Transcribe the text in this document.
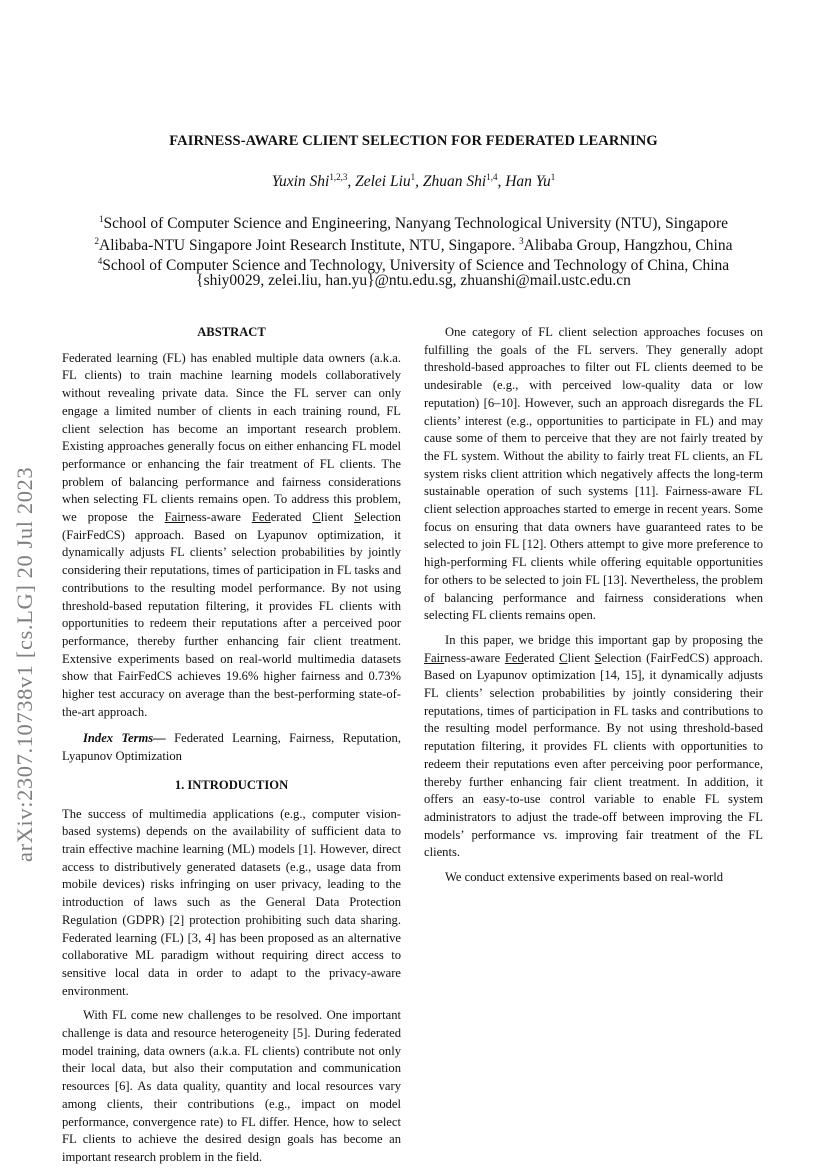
FAIRNESS-AWARE CLIENT SELECTION FOR FEDERATED LEARNING
Yuxin Shi$^{1,2,3}$, Zelei Liu$^1$, Zhuan Shi$^{1,4}$, Han Yu$^1$
$^1$School of Computer Science and Engineering, Nanyang Technological University (NTU), Singapore
$^2$Alibaba-NTU Singapore Joint Research Institute, NTU, Singapore. $^3$Alibaba Group, Hangzhou, China
$^4$School of Computer Science and Technology, University of Science and Technology of China, China
{shiy0029, zelei.liu, han.yu}@ntu.edu.sg, zhuanshi@mail.ustc.edu.cn
arXiv:2307.10738v1 [cs.LG] 20 Jul 2023
ABSTRACT

Federated learning (FL) has enabled multiple data owners (a.k.a. FL clients) to train machine learning models collaboratively without revealing private data. Since the FL server can only engage a limited number of clients in each training round, FL client selection has become an important research problem. Existing approaches generally focus on either enhancing FL model performance or enhancing the fair treatment of FL clients. The problem of balancing performance and fairness considerations when selecting FL clients remains open. To address this problem, we propose the Fairness-aware Federated Client Selection (FairFedCS) approach. Based on Lyapunov optimization, it dynamically adjusts FL clients’ selection probabilities by jointly considering their reputations, times of participation in FL tasks and contributions to the resulting model performance. By not using threshold-based reputation filtering, it provides FL clients with opportunities to redeem their reputations after a perceived poor performance, thereby further enhancing fair client treatment. Extensive experiments based on real-world multimedia datasets show that FairFedCS achieves 19.6% higher fairness and 0.73% higher test accuracy on average than the best-performing state-of-the-art approach.

Index Terms— Federated Learning, Fairness, Reputation, Lyapunov Optimization

1. INTRODUCTION

The success of multimedia applications (e.g., computer vision-based systems) depends on the availability of sufficient data to train effective machine learning (ML) models [1]. However, direct access to distributively generated datasets (e.g., usage data from mobile devices) risks infringing on user privacy, leading to the introduction of laws such as the General Data Protection Regulation (GDPR) [2] protection prohibiting such data sharing. Federated learning (FL) [3, 4] has been proposed as an alternative collaborative ML paradigm without requiring direct access to sensitive local data in order to adapt to the privacy-aware environment.

With FL come new challenges to be resolved. One important challenge is data and resource heterogeneity [5]. During federated model training, data owners (a.k.a. FL clients) contribute not only their local data, but also their computation and communication resources [6]. As data quality, quantity and local resources vary among clients, their contributions (e.g., impact on model performance, convergence rate) to FL differ. Hence, how to select FL clients to achieve the desired design goals has become an important research problem in the field.

One category of FL client selection approaches focuses on fulfilling the goals of the FL servers. They generally adopt threshold-based approaches to filter out FL clients deemed to be undesirable (e.g., with perceived low-quality data or low reputation) [6–10]. However, such an approach disregards the FL clients’ interest (e.g., opportunities to participate in FL) and may cause some of them to perceive that they are not fairly treated by the FL system. Without the ability to fairly treat FL clients, an FL system risks client attrition which negatively affects the long-term sustainable operation of such systems [11]. Fairness-aware FL client selection approaches started to emerge in recent years. Some focus on ensuring that data owners have guaranteed rates to be selected to join FL [12]. Others attempt to give more preference to high-performing FL clients while offering equitable opportunities for others to be selected to join FL [13]. Nevertheless, the problem of balancing performance and fairness considerations when selecting FL clients remains open.

In this paper, we bridge this important gap by proposing the Fairness-aware Federated Client Selection (FairFedCS) approach. Based on Lyapunov optimization [14, 15], it dynamically adjusts FL clients’ selection probabilities by jointly considering their reputations, times of participation in FL tasks and contributions to the resulting model performance. By not using threshold-based reputation filtering, it provides FL clients with opportunities to redeem their reputations even after perceiving poor performance, thereby further enhancing fair client treatment. In addition, it offers an easy-to-use control variable to enable FL system administrators to adjust the trade-off between improving the FL models’ performance vs. improving fair treatment of the FL clients.

We conduct extensive experiments based on real-world
